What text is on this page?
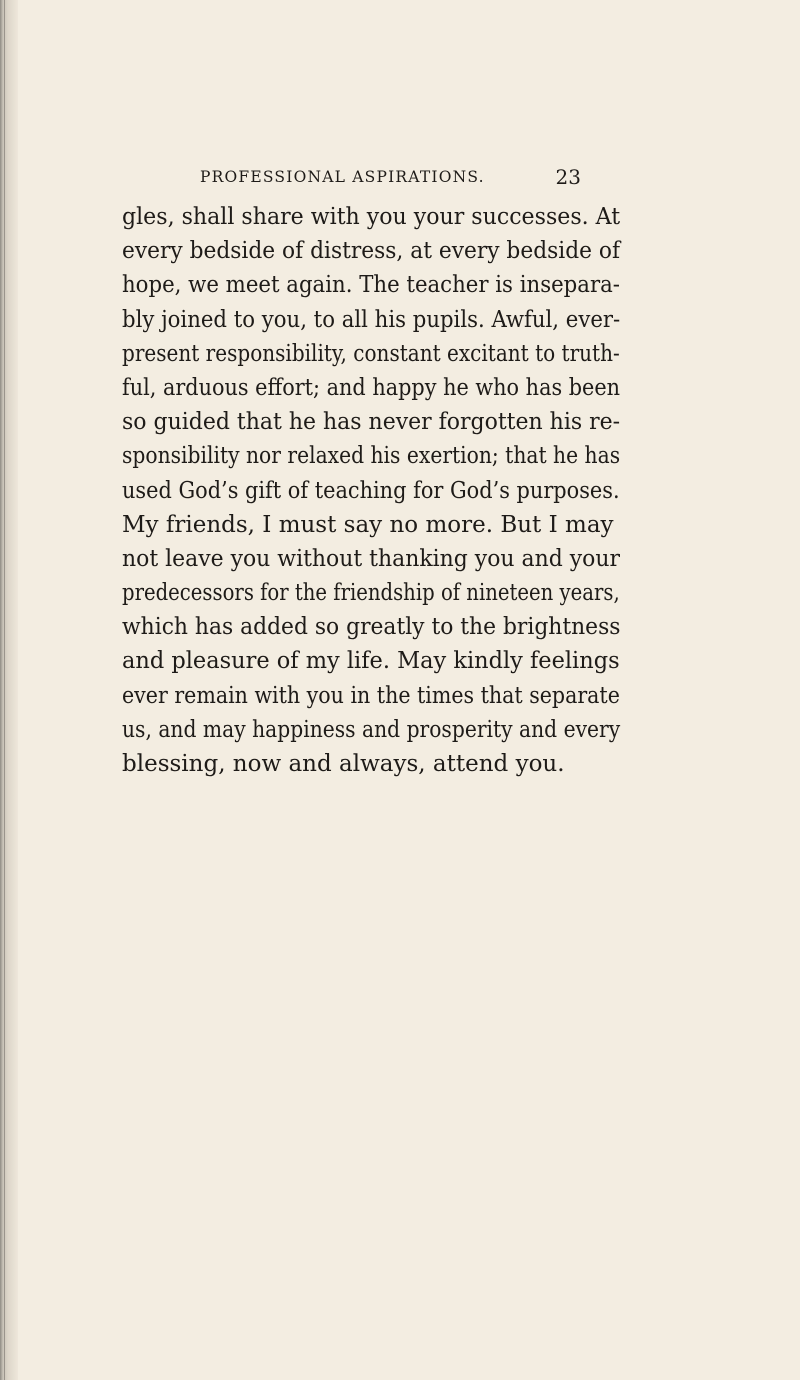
PROFESSIONAL ASPIRATIONS.	23
gles, shall share with you your successes. At
every bedside of distress, at every bedside of
hope, we meet again. The teacher is insepara-
bly joined to you, to all his pupils. Awful, ever-
present responsibility, constant excitant to truth-
ful, arduous effort; and happy he who has been
so guided that he has never forgotten his re-
sponsibility nor relaxed his exertion; that he has
used God’s gift of teaching for God’s purposes.
My friends, I must say no more. But I may
not leave you without thanking you and your
predecessors for the friendship of nineteen years,
which has added so greatly to the brightness
and pleasure of my life. May kindly feelings
ever remain with you in the times that separate
us, and may happiness and prosperity and every
blessing, now and always, attend you.
